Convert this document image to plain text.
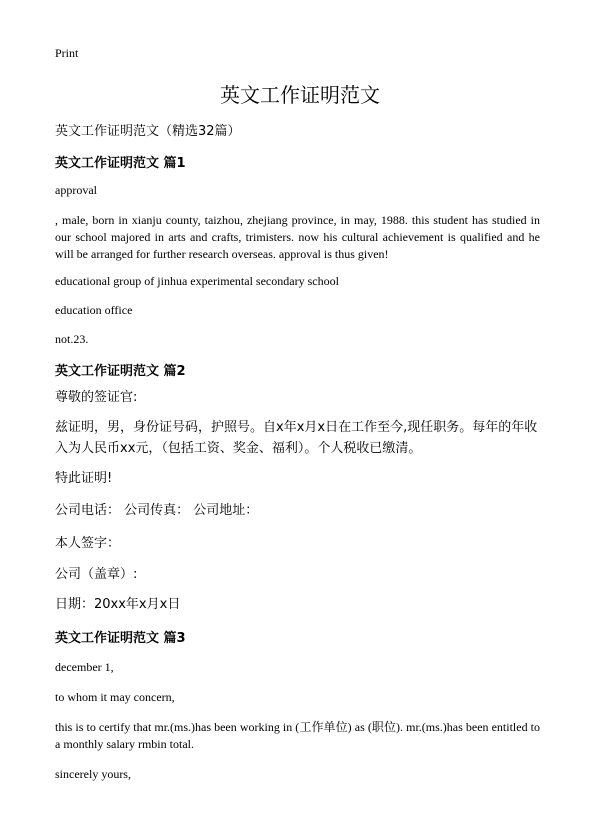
Print
英文工作证明范文

英文工作证明范文（精选32篇）

英文工作证明范文 篇1

approval

, male, born in xianju county, taizhou, zhejiang province, in may, 1988. this student has studied in our school majored in arts and crafts, trimisters. now his cultural achievement is qualified and he will be arranged for further research overseas. approval is thus given!

educational group of jinhua experimental secondary school

education office

not.23.

英文工作证明范文 篇2

尊敬的签证官:

兹证明，男，身份证号码，护照号。自x年x月x日在工作至今,现任职务。每年的年收入为人民币xx元，（包括工资、奖金、福利）。个人税收已缴清。

特此证明!

公司电话： 公司传真： 公司地址：

本人签字：

公司（盖章）:

日期：20xx年x月x日

英文工作证明范文 篇3

december 1,

to whom it may concern,

this is to certify that mr.(ms.)has been working in (工作单位) as (职位). mr.(ms.)has been entitled to a monthly salary rmbin total.

sincerely yours,
